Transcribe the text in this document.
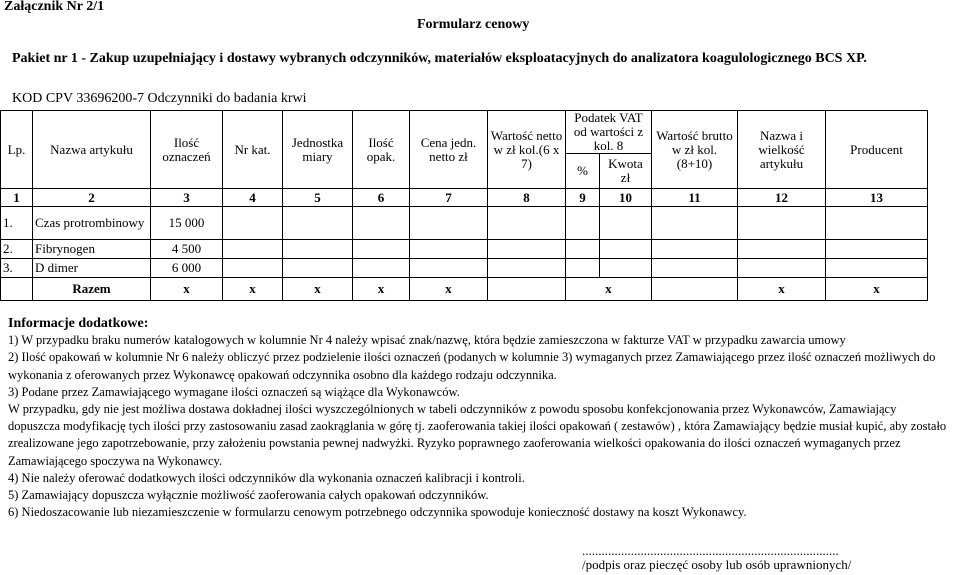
Załącznik Nr 2/1
Formularz cenowy
Pakiet nr 1 - Zakup uzupełniający i dostawy wybranych odczynników, materiałów eksploatacyjnych do analizatora koagulologicznego BCS XP.
KOD CPV 33696200-7 Odczynniki do badania krwi
Lp.	Nazwa artykułu	Ilość oznaczeń	Nr kat.	Jednostka miary	Ilość opak.	Cena jedn. netto zł	Wartość netto w zł kol.(6 x 7)	Podatek VAT od wartości z kol. 8		Wartość brutto w zł kol. (8+10)	Nazwa i wielkość artykułu	Producent
								%	Kwota zł			
1	2	3	4	5	6	7	8	9	10	11	12	13
1.	Czas protrombinowy	15 000										
2.	Fibrynogen	4 500										
3.	D dimer	6 000										
	Razem	x	x	x	x	x		x			x	x

Informacje dodatkowe:

1) W przypadku braku numerów katalogowych w kolumnie Nr 4 należy wpisać znak/nazwę, która będzie zamieszczona w fakturze VAT w przypadku zawarcia umowy

2) Ilość opakowań w kolumnie Nr 6 należy obliczyć przez podzielenie ilości oznaczeń (podanych w kolumnie 3) wymaganych przez Zamawiającego przez ilość oznaczeń możliwych do wykonania z oferowanych przez Wykonawcę opakowań odczynnika osobno dla każdego rodzaju odczynnika.

3) Podane przez Zamawiającego wymagane ilości oznaczeń są wiążące dla Wykonawców.

W przypadku, gdy nie jest możliwa dostawa dokładnej ilości wyszczególnionych w tabeli odczynników z powodu sposobu konfekcjonowania przez Wykonawców, Zamawiający dopuszcza modyfikację tych ilości przy zastosowaniu zasad zaokrąglania w górę tj. zaoferowania takiej ilości opakowań ( zestawów) , która Zamawiający będzie musiał kupić, aby zostało zrealizowane jego zapotrzebowanie, przy założeniu powstania pewnej nadwyżki. Ryzyko poprawnego zaoferowania wielkości opakowania do ilości oznaczeń wymaganych przez Zamawiającego spoczywa na Wykonawcy.

4) Nie należy oferować dodatkowych ilości odczynników dla wykonania oznaczeń kalibracji i kontroli.

5) Zamawiający dopuszcza wyłącznie możliwość zaoferowania całych opakowań odczynników.

6) Niedoszacowanie lub niezamieszczenie w formularzu cenowym potrzebnego odczynnika spowoduje konieczność dostawy na koszt Wykonawcy.

...............................................................................
/podpis oraz pieczęć osoby lub osób uprawnionych/
